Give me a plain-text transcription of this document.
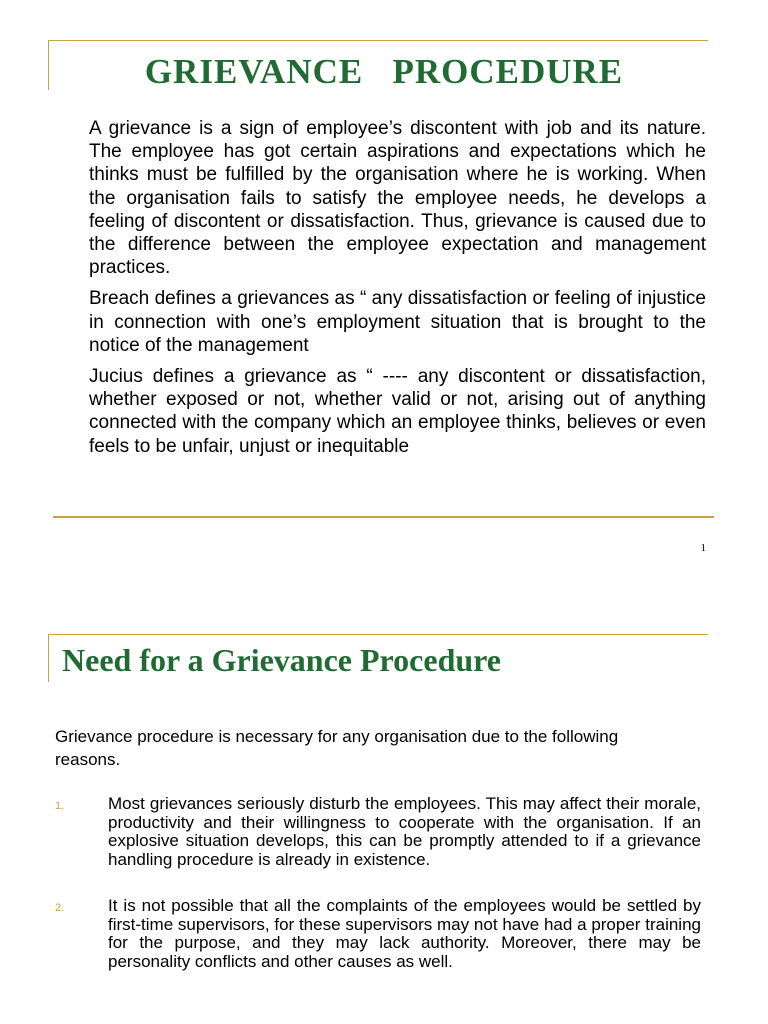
GRIEVANCE   PROCEDURE

A grievance is a sign of employee’s discontent with job and its nature. The employee has got certain aspirations and expectations which he thinks must be fulfilled by the organisation where he is working. When the organisation fails to satisfy the employee needs, he develops a feeling of discontent or dissatisfaction. Thus, grievance is caused due to the difference between the employee expectation and management practices.

Breach defines a grievances as “ any dissatisfaction or feeling of injustice in connection with one’s employment situation that is brought to the notice of the management

Jucius defines a grievance as “ ---- any discontent or dissatisfaction, whether exposed or not, whether valid or not, arising out of anything connected with the company which an employee thinks, believes or even feels to be unfair, unjust or inequitable

1
Need for a Grievance Procedure

Grievance procedure is necessary for any organisation due to the following reasons.

1.	Most grievances seriously disturb the employees. This may affect their morale, productivity and their willingness to cooperate with the organisation. If an explosive situation develops, this can be promptly attended to if a grievance handling procedure is already in existence.
2.	It is not possible that all the complaints of the employees would be settled by first-time supervisors, for these supervisors may not have had a proper training for the purpose, and they may lack authority. Moreover, there may be personality conflicts and other causes as well.
